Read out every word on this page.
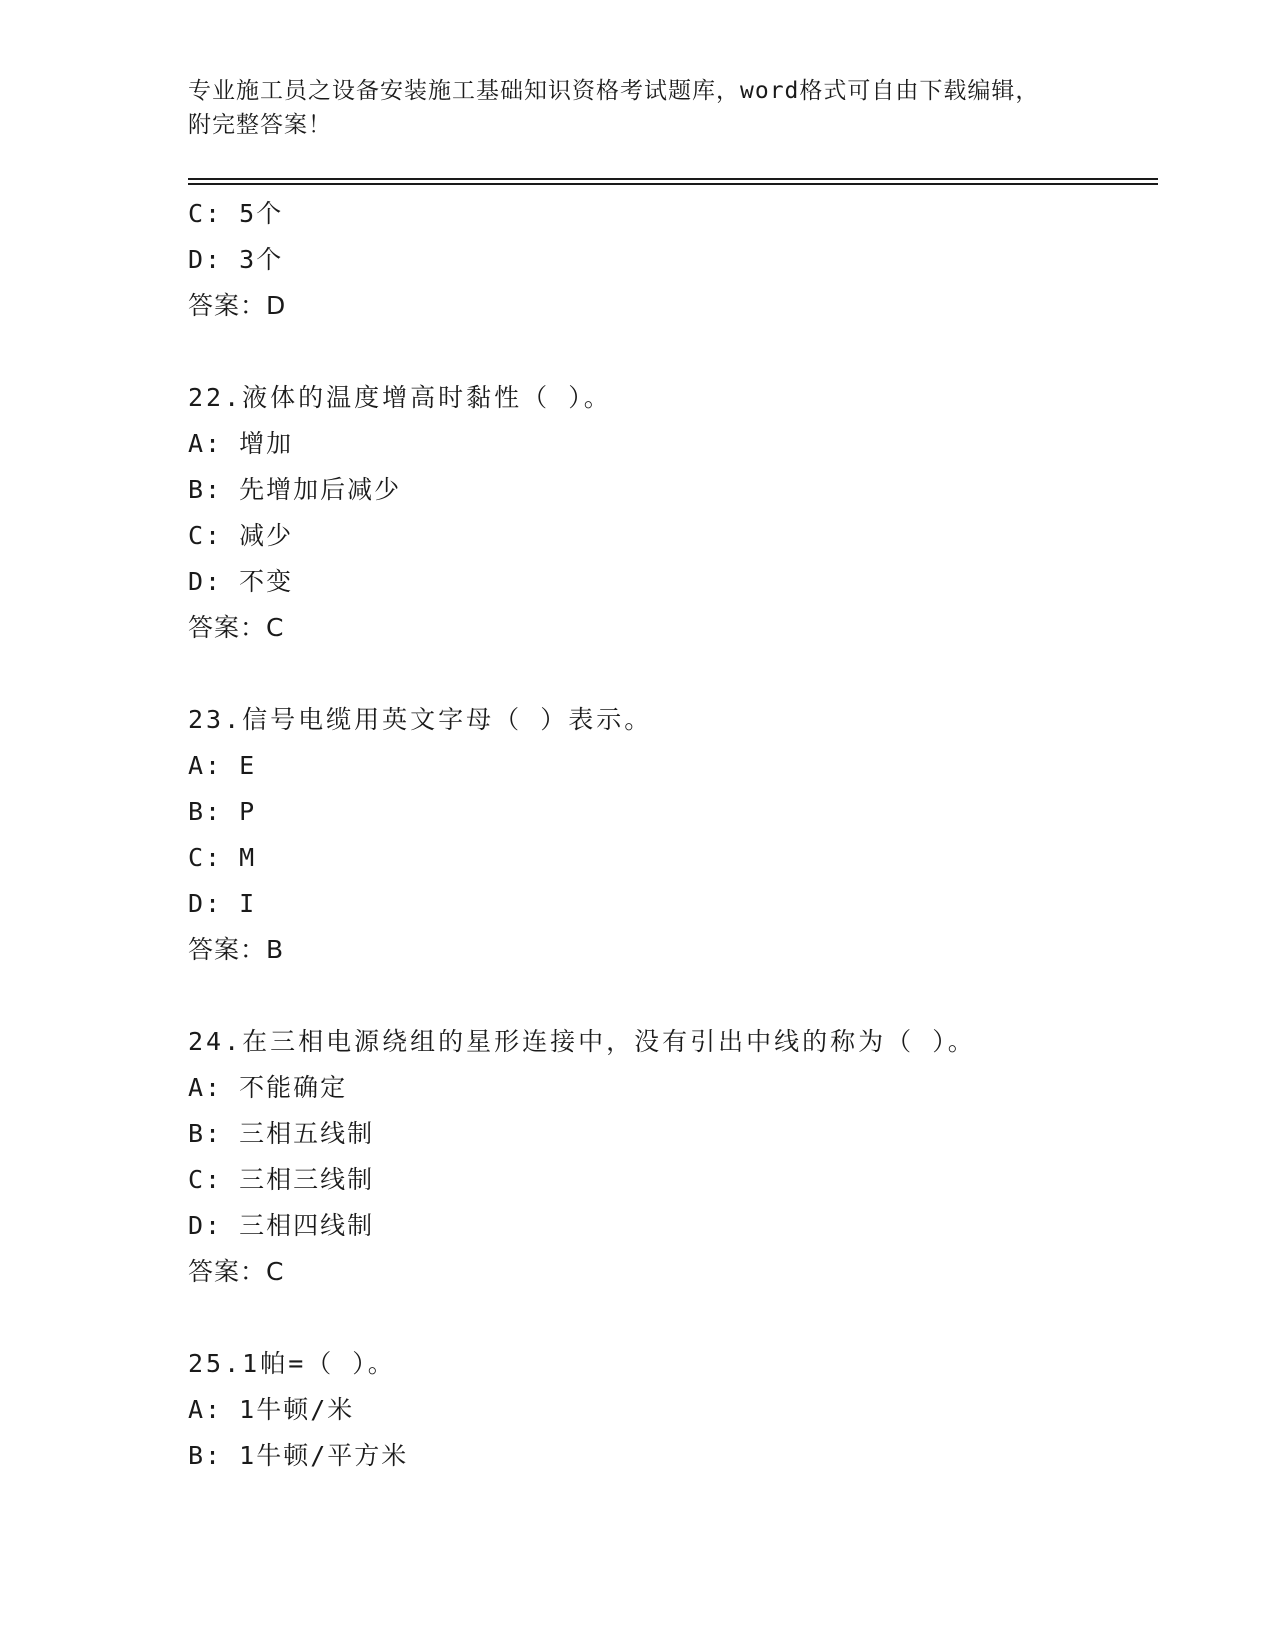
专业施工员之设备安装施工基础知识资格考试题库，word格式可自由下载编辑，
附完整答案！
C: 5个
D: 3个
答案：D
22.液体的温度增高时黏性（ ）。
A: 增加
B: 先增加后减少
C: 减少
D: 不变
答案：C
23.信号电缆用英文字母（ ）表示。
A: E
B: P
C: M
D: I
答案：B
24.在三相电源绕组的星形连接中，没有引出中线的称为（ ）。
A: 不能确定
B: 三相五线制
C: 三相三线制
D: 三相四线制
答案：C
25.1帕=（ ）。
A: 1牛顿/米
B: 1牛顿/平方米
